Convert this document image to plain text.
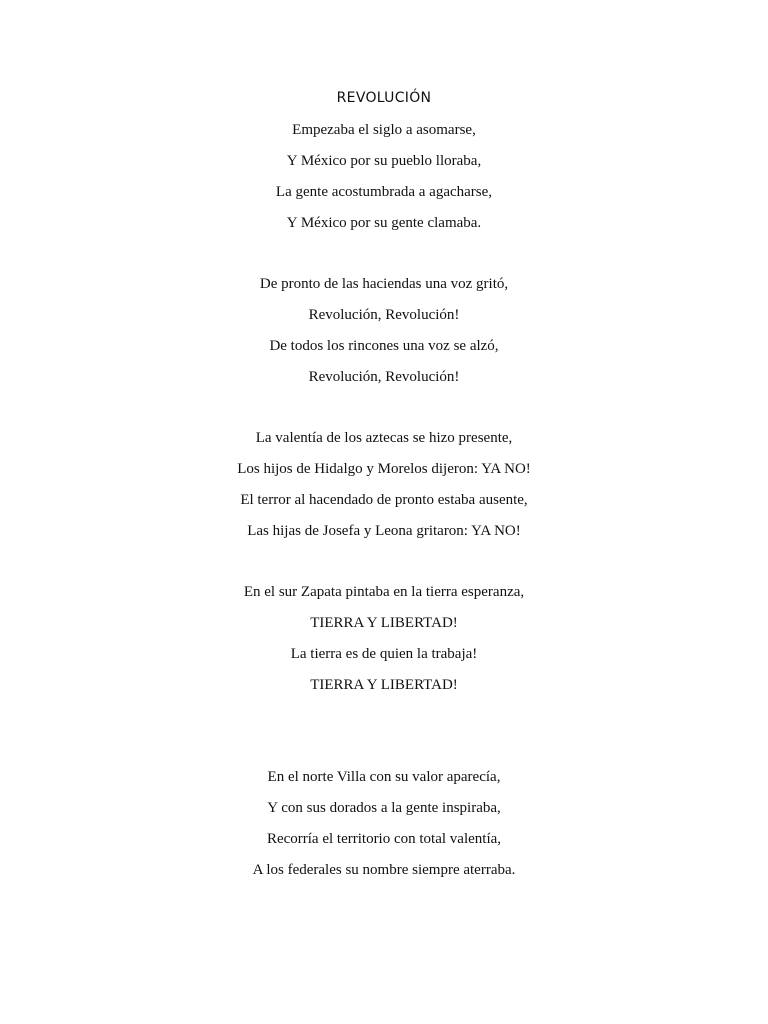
REVOLUCIÓN
Empezaba el siglo a asomarse,
Y México por su pueblo lloraba,
La gente acostumbrada a agacharse,
Y México por su gente clamaba.
De pronto de las haciendas una voz gritó,
Revolución, Revolución!
De todos los rincones una voz se alzó,
Revolución, Revolución!
La valentía de los aztecas se hizo presente,
Los hijos de Hidalgo y Morelos dijeron: YA NO!
El terror al hacendado de pronto estaba ausente,
Las hijas de Josefa y Leona gritaron: YA NO!
En el sur Zapata pintaba en la tierra esperanza,
TIERRA Y LIBERTAD!
La tierra es de quien la trabaja!
TIERRA Y LIBERTAD!
En el norte Villa con su valor aparecía,
Y con sus dorados a la gente inspiraba,
Recorría el territorio con total valentía,
A los federales su nombre siempre aterraba.
